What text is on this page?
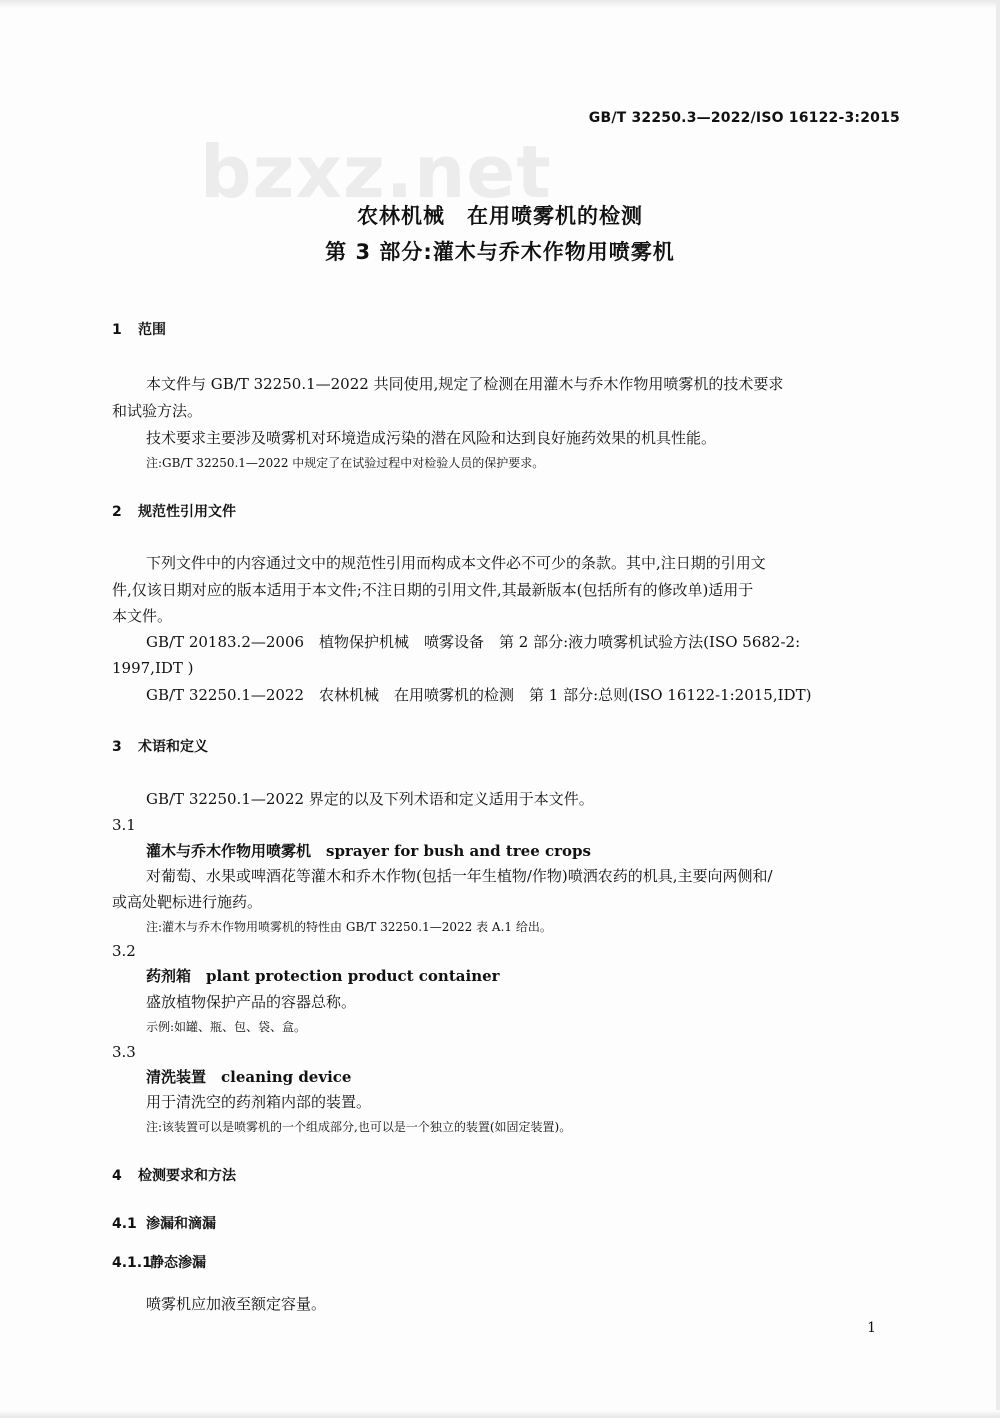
bzxz.net
GB/T 32250.3—2022/ISO 16122-3:2015
农林机械　在用喷雾机的检测
第 3 部分:灌木与乔木作物用喷雾机
1 范围
本文件与 GB/T 32250.1—2022 共同使用,规定了检测在用灌木与乔木作物用喷雾机的技术要求
和试验方法。
技术要求主要涉及喷雾机对环境造成污染的潜在风险和达到良好施药效果的机具性能。
注:GB/T 32250.1—2022 中规定了在试验过程中对检验人员的保护要求。
2 规范性引用文件
下列文件中的内容通过文中的规范性引用而构成本文件必不可少的条款。其中,注日期的引用文
件,仅该日期对应的版本适用于本文件;不注日期的引用文件,其最新版本(包括所有的修改单)适用于
本文件。
GB/T 20183.2—2006　植物保护机械　喷雾设备　第 2 部分:液力喷雾机试验方法(ISO 5682-2:
1997,IDT )
GB/T 32250.1—2022　农林机械　在用喷雾机的检测　第 1 部分:总则(ISO 16122-1:2015,IDT)
3 术语和定义
GB/T 32250.1—2022 界定的以及下列术语和定义适用于本文件。
3.1
灌木与乔木作物用喷雾机　sprayer for bush and tree crops
对葡萄、水果或啤酒花等灌木和乔木作物(包括一年生植物/作物)喷洒农药的机具,主要向两侧和/
或高处靶标进行施药。
注:灌木与乔木作物用喷雾机的特性由 GB/T 32250.1—2022 表 A.1 给出。
3.2
药剂箱　plant protection product container
盛放植物保护产品的容器总称。
示例:如罐、瓶、包、袋、盒。
3.3
清洗装置　cleaning device
用于清洗空的药剂箱内部的装置。
注:该装置可以是喷雾机的一个组成部分,也可以是一个独立的装置(如固定装置)。
4 检测要求和方法
4.1 渗漏和滴漏
4.1.1静态渗漏
喷雾机应加液至额定容量。
1
